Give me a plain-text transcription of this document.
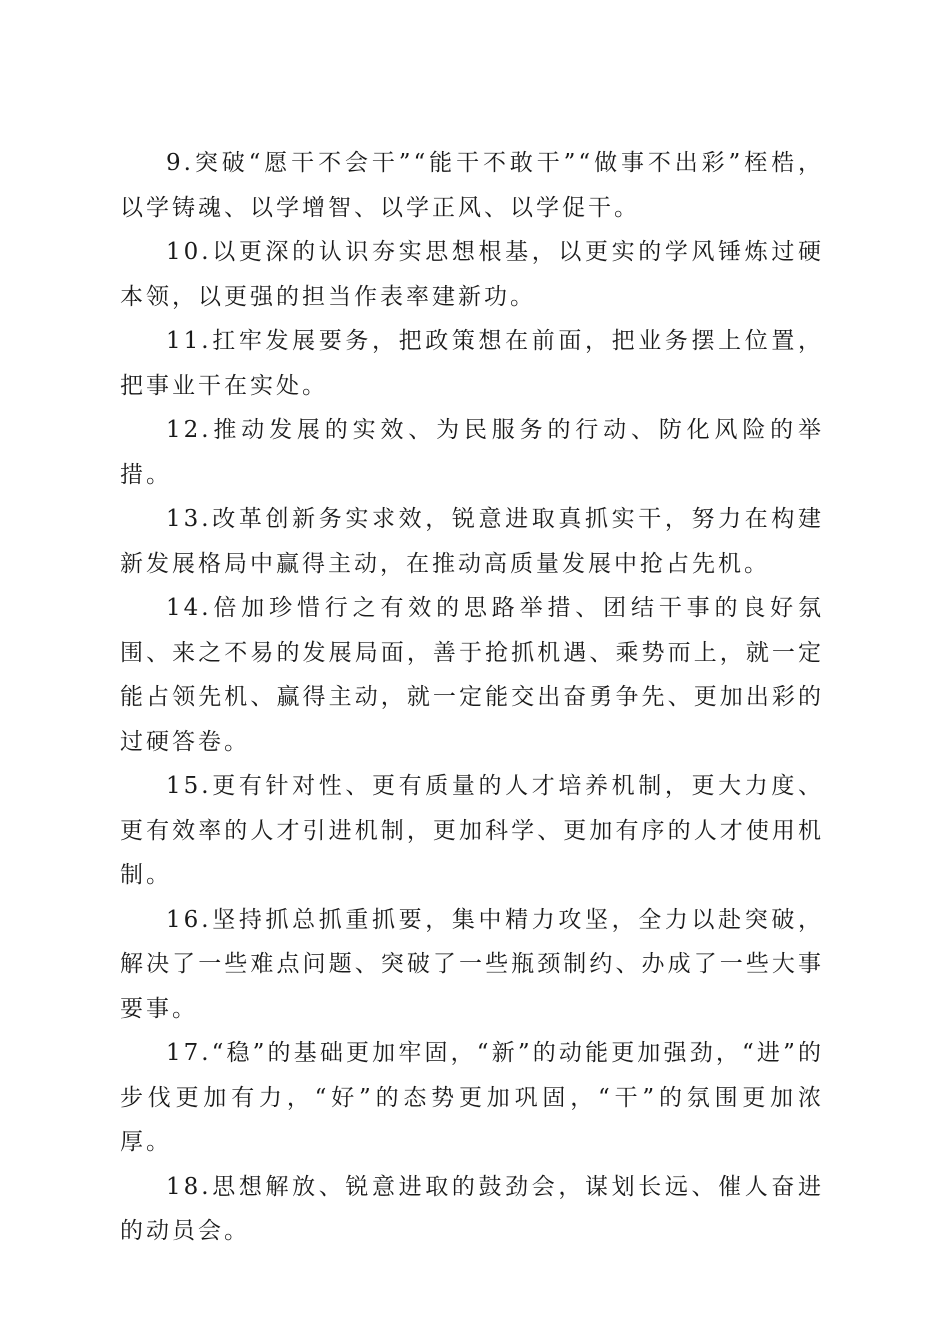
9.突破“愿干不会干”“能干不敢干”“做事不出彩”桎梏，以学铸魂、以学增智、以学正风、以学促干。

10.以更深的认识夯实思想根基，以更实的学风锤炼过硬本领，以更强的担当作表率建新功。

11.扛牢发展要务，把政策想在前面，把业务摆上位置，把事业干在实处。

12.推动发展的实效、为民服务的行动、防化风险的举措。

13.改革创新务实求效，锐意进取真抓实干，努力在构建新发展格局中赢得主动，在推动高质量发展中抢占先机。

14.倍加珍惜行之有效的思路举措、团结干事的良好氛围、来之不易的发展局面，善于抢抓机遇、乘势而上，就一定能占领先机、赢得主动，就一定能交出奋勇争先、更加出彩的过硬答卷。

15.更有针对性、更有质量的人才培养机制，更大力度、更有效率的人才引进机制，更加科学、更加有序的人才使用机制。

16.坚持抓总抓重抓要，集中精力攻坚，全力以赴突破，解决了一些难点问题、突破了一些瓶颈制约、办成了一些大事要事。

17.“稳”的基础更加牢固，“新”的动能更加强劲，“进”的步伐更加有力，“好”的态势更加巩固，“干”的氛围更加浓厚。

18.思想解放、锐意进取的鼓劲会，谋划长远、催人奋进的动员会。
